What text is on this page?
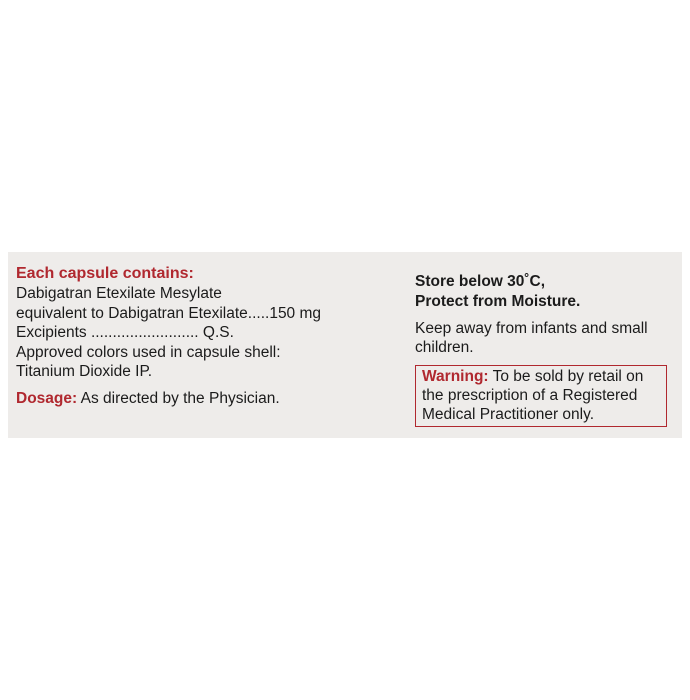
Each capsule contains:
Dabigatran Etexilate Mesylate
equivalent to Dabigatran Etexilate.....150 mg
Excipients ......................... Q.S.
Approved colors used in capsule shell:
Titanium Dioxide IP.
Dosage: As directed by the Physician.
Store below 30˚C,
Protect from Moisture.
Keep away from infants and small children.
Warning: To be sold by retail on the prescription of a Registered Medical Practitioner only.
